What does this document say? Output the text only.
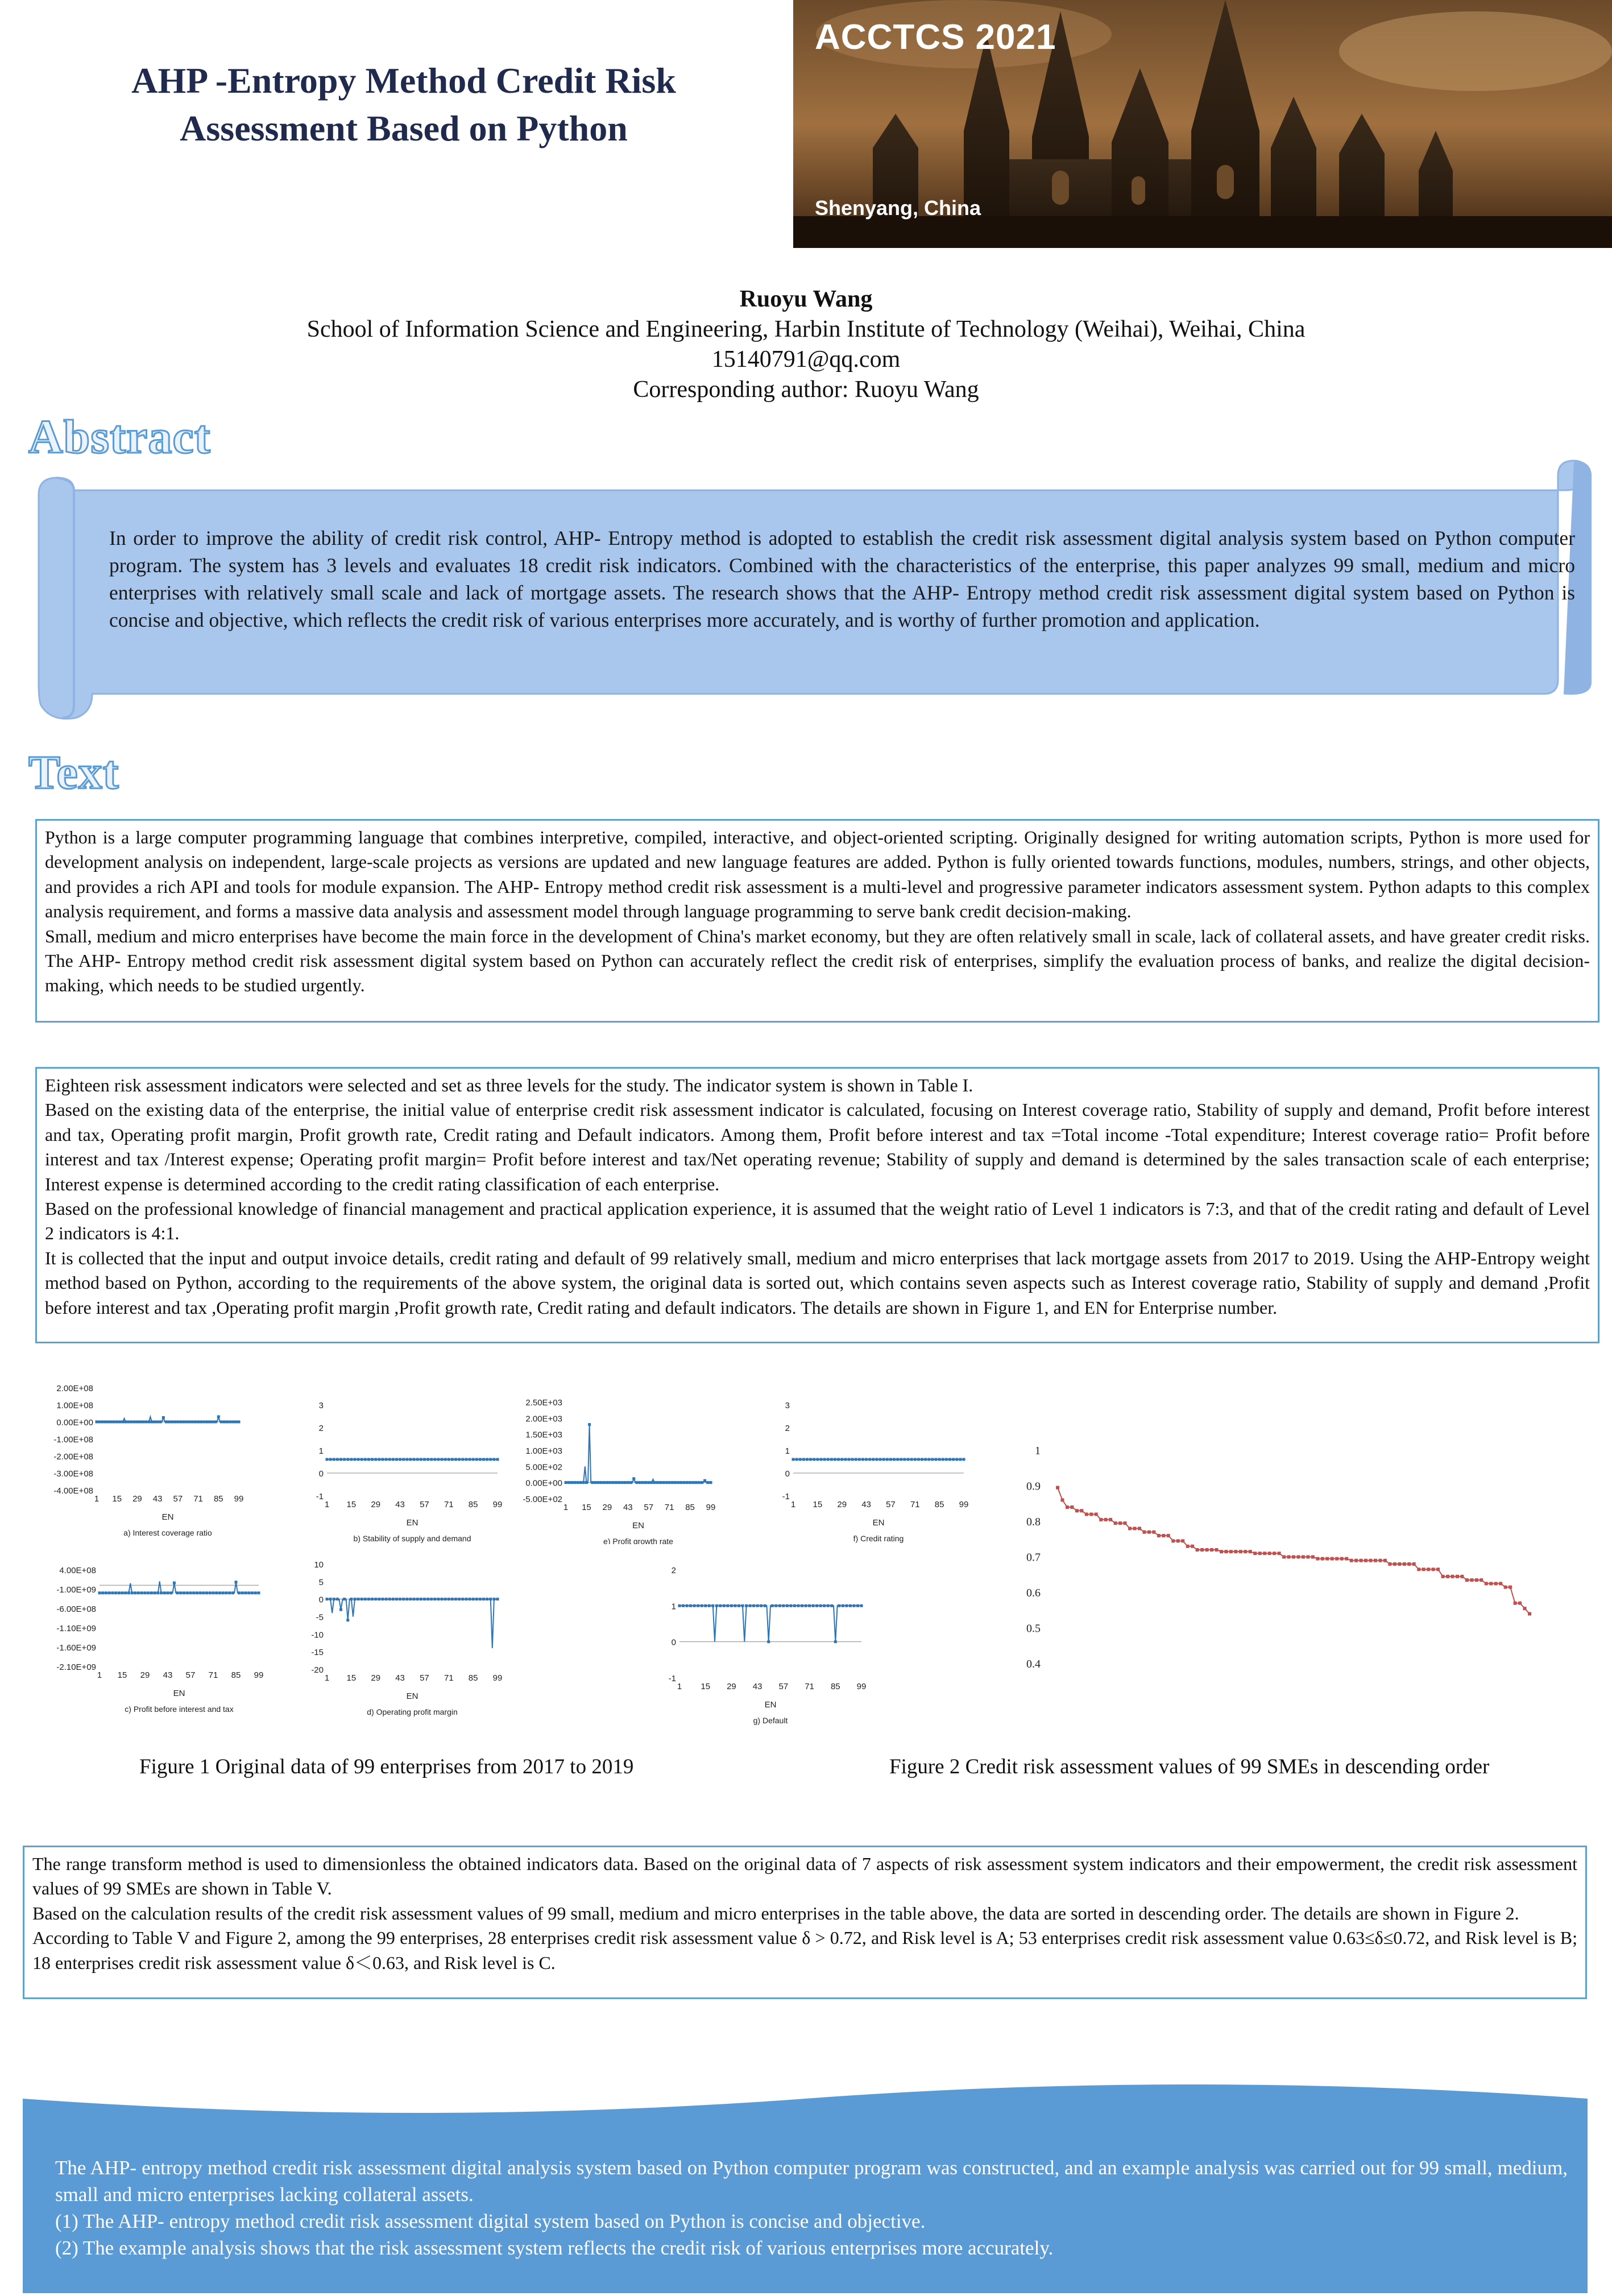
AHP -Entropy Method Credit Risk
Assessment Based on Python
ACCTCS 2021
Shenyang, China
Ruoyu Wang
School of Information Science and Engineering, Harbin Institute of Technology (Weihai), Weihai, China
15140791@qq.com
Corresponding author: Ruoyu Wang
Abstract
In order to improve the ability of credit risk control, AHP- Entropy method is adopted to establish the credit risk assessment digital analysis system based on Python computer program. The system has 3 levels and evaluates 18 credit risk indicators. Combined with the characteristics of the enterprise, this paper analyzes 99 small, medium and micro enterprises with relatively small scale and lack of mortgage assets. The research shows that the AHP- Entropy method credit risk assessment digital system based on Python is concise and objective, which reflects the credit risk of various enterprises more accurately, and is worthy of further promotion and application.
Text

Python is a large computer programming language that combines interpretive, compiled, interactive, and object-oriented scripting. Originally designed for writing automation scripts, Python is more used for development analysis on independent, large-scale projects as versions are updated and new language features are added. Python is fully oriented towards functions, modules, numbers, strings, and other objects, and provides a rich API and tools for module expansion. The AHP- Entropy method credit risk assessment is a multi-level and progressive parameter indicators assessment system. Python adapts to this complex analysis requirement, and forms a massive data analysis and assessment model through language programming to serve bank credit decision-making.

Small, medium and micro enterprises have become the main force in the development of China's market economy, but they are often relatively small in scale, lack of collateral assets, and have greater credit risks. The AHP- Entropy method credit risk assessment digital system based on Python can accurately reflect the credit risk of enterprises, simplify the evaluation process of banks, and realize the digital decision-making, which needs to be studied urgently.

Eighteen risk assessment indicators were selected and set as three levels for the study. The indicator system is shown in Table I.

Based on the existing data of the enterprise, the initial value of enterprise credit risk assessment indicator is calculated, focusing on Interest coverage ratio, Stability of supply and demand, Profit before interest and tax, Operating profit margin, Profit growth rate, Credit rating and Default indicators. Among them, Profit before interest and tax =Total income -Total expenditure; Interest coverage ratio= Profit before interest and tax /Interest expense; Operating profit margin= Profit before interest and tax/Net operating revenue; Stability of supply and demand is determined by the sales transaction scale of each enterprise; Interest expense is determined according to the credit rating classification of each enterprise.

Based on the professional knowledge of financial management and practical application experience, it is assumed that the weight ratio of Level 1 indicators is 7:3, and that of the credit rating and default of Level 2 indicators is 4:1.

It is collected that the input and output invoice details, credit rating and default of 99 relatively small, medium and micro enterprises that lack mortgage assets from 2017 to 2019. Using the AHP-Entropy weight method based on Python, according to the requirements of the above system, the original data is sorted out, which contains seven aspects such as Interest coverage ratio, Stability of supply and demand ,Profit before interest and tax ,Operating profit margin ,Profit growth rate, Credit rating and default indicators. The details are shown in Figure 1, and EN for Enterprise number.

2.00E+08
1.00E+08
0.00E+00
-1.00E+08
-2.00E+08
-3.00E+08
-4.00E+08
1 15 29 43 57 71 85 99
EN
a) Interest coverage ratio
3
2
1
0
-1
1 15 29 43 57 71 85 99
EN
b) Stability of supply and demand
2.50E+03
2.00E+03
1.50E+03
1.00E+03
5.00E+02
0.00E+00
-5.00E+02
1 15 29 43 57 71 85 99
EN
e) Profit growth rate
3
2
1
0
-1
1 15 29 43 57 71 85 99
EN
f) Credit rating
4.00E+08
-1.00E+09
-6.00E+08
-1.10E+09
-1.60E+09
-2.10E+09
1 15 29 43 57 71 85 99
EN
c) Profit before interest and tax
10
5
0
-5
-10
-15
-20
1 15 29 43 57 71 85 99
EN
d) Operating profit margin
2
1
0
-1
1 15 29 43 57 71 85 99
EN
g) Default
1
0.9
0.8
0.7
0.6
0.5
0.4
Figure 1 Original data of 99 enterprises from 2017 to 2019	Figure 2 Credit risk assessment values of 99 SMEs in descending order

The range transform method is used to dimensionless the obtained indicators data. Based on the original data of 7 aspects of risk assessment system indicators and their empowerment, the credit risk assessment values of 99 SMEs are shown in Table V.

Based on the calculation results of the credit risk assessment values of 99 small, medium and micro enterprises in the table above, the data are sorted in descending order. The details are shown in Figure 2.

According to Table V and Figure 2, among the 99 enterprises, 28 enterprises credit risk assessment value δ > 0.72, and Risk level is A; 53 enterprises credit risk assessment value 0.63≤δ≤0.72, and Risk level is B; 18 enterprises credit risk assessment value δ＜0.63, and Risk level is C.

The AHP- entropy method credit risk assessment digital analysis system based on Python computer program was constructed, and an example analysis was carried out for 99 small, medium, small and micro enterprises lacking collateral assets.

(1) The AHP- entropy method credit risk assessment digital system based on Python is concise and objective.

(2) The example analysis shows that the risk assessment system reflects the credit risk of various enterprises more accurately.
